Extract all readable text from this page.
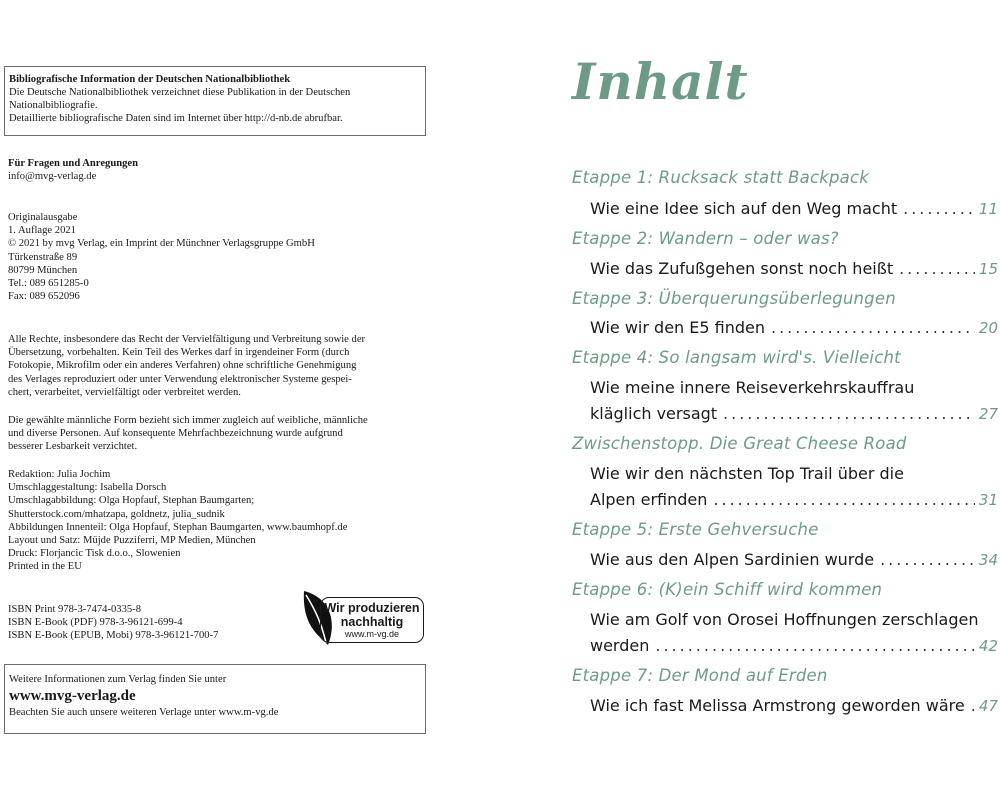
Bibliografische Information der Deutschen Nationalbibliothek
Die Deutsche Nationalbibliothek verzeichnet diese Publikation in der Deutschen
Nationalbibliografie.
Detaillierte bibliografische Daten sind im Internet über http://d-nb.de abrufbar.
Für Fragen und Anregungen
info@mvg-verlag.de
Originalausgabe
1. Auflage 2021
© 2021 by mvg Verlag, ein Imprint der Münchner Verlagsgruppe GmbH
Türkenstraße 89
80799 München
Tel.: 089 651285-0
Fax: 089 652096
Alle Rechte, insbesondere das Recht der Vervielfältigung und Verbreitung sowie der
Übersetzung, vorbehalten. Kein Teil des Werkes darf in irgendeiner Form (durch
Fotokopie, Mikrofilm oder ein anderes Verfahren) ohne schriftliche Genehmigung
des Verlages reproduziert oder unter Verwendung elektronischer Systeme gespei-
chert, verarbeitet, vervielfältigt oder verbreitet werden.
Die gewählte männliche Form bezieht sich immer zugleich auf weibliche, männliche
und diverse Personen. Auf konsequente Mehrfachbezeichnung wurde aufgrund
besserer Lesbarkeit verzichtet.
Redaktion: Julia Jochim
Umschlaggestaltung: Isabella Dorsch
Umschlagabbildung: Olga Hopfauf, Stephan Baumgarten;
Shutterstock.com/mhatzapa, goldnetz, julia_sudnik
Abbildungen Innenteil: Olga Hopfauf, Stephan Baumgarten, www.baumhopf.de
Layout und Satz: Müjde Puzziferri, MP Medien, München
Druck: Florjancic Tisk d.o.o., Slowenien
Printed in the EU
ISBN Print 978-3-7474-0335-8
ISBN E-Book (PDF) 978-3-96121-699-4
ISBN E-Book (EPUB, Mobi) 978-3-96121-700-7
Wir produzieren
nachhaltig
www.m-vg.de
Weitere Informationen zum Verlag finden Sie unter
www.mvg-verlag.de
Beachten Sie auch unsere weiteren Verlage unter www.m-vg.de
Inhalt
Etappe 1: Rucksack statt Backpack
Wie eine Idee sich auf den Weg macht .....	11
Etappe 2: Wandern – oder was?
Wie das Zufußgehen sonst noch heißt .....	15
Etappe 3: Überquerungsüberlegungen
Wie wir den E5 finden .....	20
Etappe 4: So langsam wird's. Vielleicht
Wie meine innere Reiseverkehrskauffrau
kläglich versagt .....	27
Zwischenstopp. Die Great Cheese Road
Wie wir den nächsten Top Trail über die
Alpen erfinden .....	31
Etappe 5: Erste Gehversuche
Wie aus den Alpen Sardinien wurde .....	34
Etappe 6: (K)ein Schiff wird kommen
Wie am Golf von Orosei Hoffnungen zerschlagen
werden .....	42
Etappe 7: Der Mond auf Erden
Wie ich fast Melissa Armstrong geworden wäre ..... 47
